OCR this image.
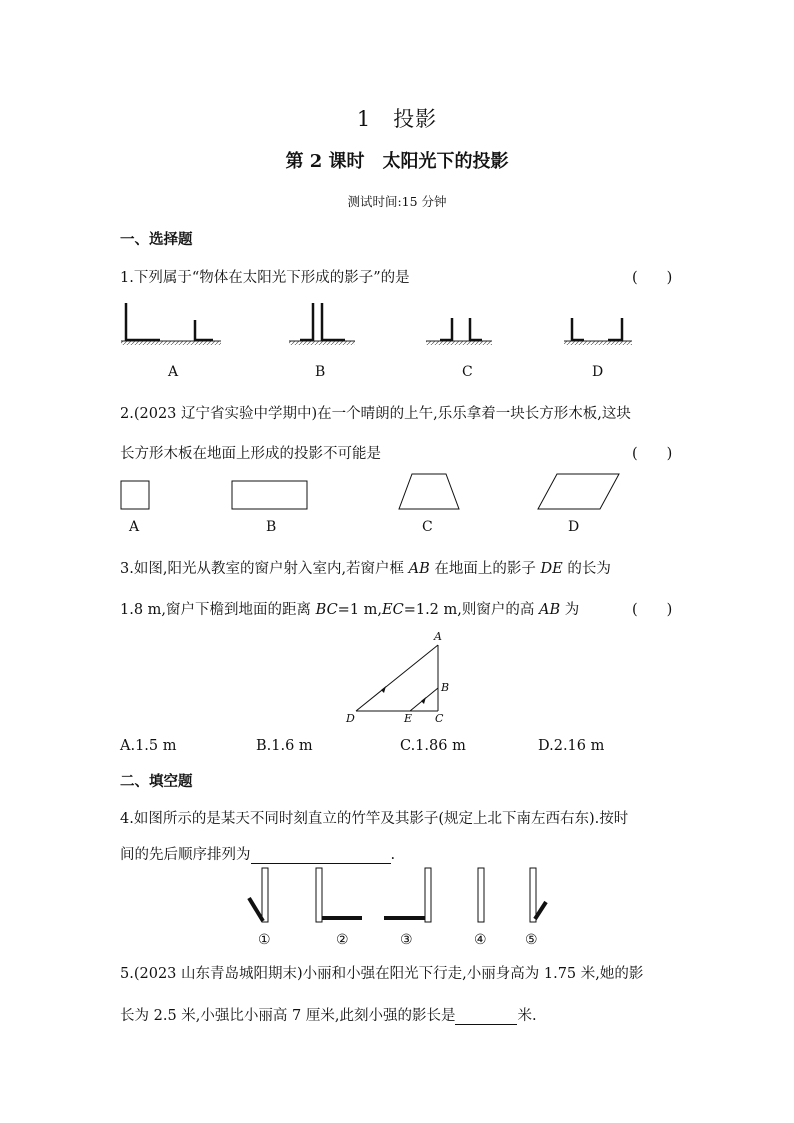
1　投影
第 2 课时　太阳光下的投影
测试时间:15 分钟
一、选择题
1.下列属于“物体在太阳光下形成的影子”的是	(　　)
A	B	C	D
2.(2023 辽宁省实验中学期中)在一个晴朗的上午,乐乐拿着一块长方形木板,这块
长方形木板在地面上形成的投影不可能是	(　　)
A	B	C	D
3.如图,阳光从教室的窗户射入室内,若窗户框 AB 在地面上的影子 DE 的长为
1.8 m,窗户下檐到地面的距离 BC=1 m,EC=1.2 m,则窗户的高 AB 为	(　　)
A
B
C
D	E
A.1.5 m	B.1.6 m	C.1.86 m	D.2.16 m
二、填空题
4.如图所示的是某天不同时刻直立的竹竿及其影子(规定上北下南左西右东).按时
间的先后顺序排列为	.
①	②	③	④	⑤
5.(2023 山东青岛城阳期末)小丽和小强在阳光下行走,小丽身高为 1.75 米,她的影
长为 2.5 米,小强比小丽高 7 厘米,此刻小强的影长是	米.
